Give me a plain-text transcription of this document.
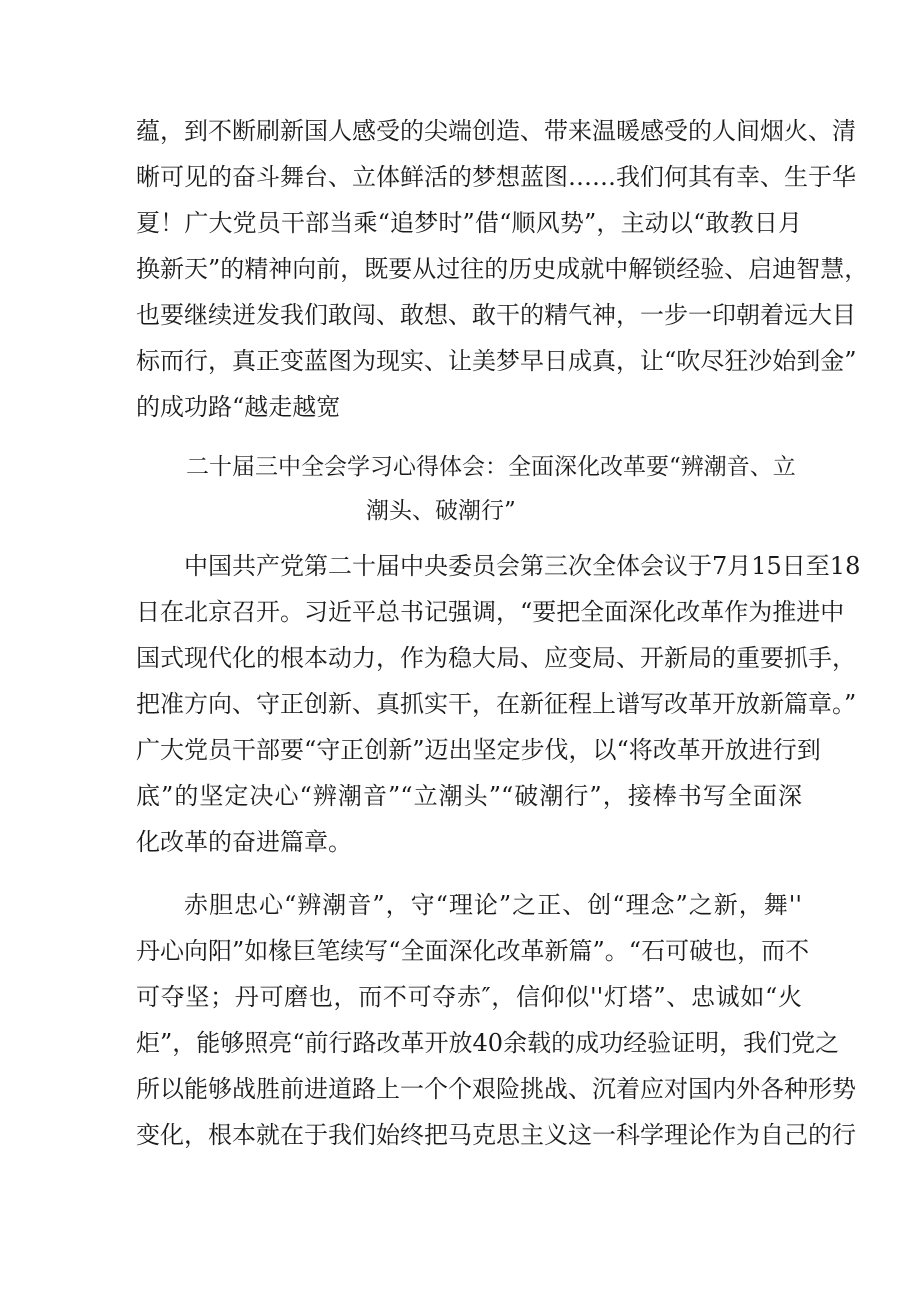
蕴，到不断刷新国人感受的尖端创造、带来温暖感受的人间烟火、清
晰可见的奋斗舞台、立体鲜活的梦想蓝图……我们何其有幸、生于华
夏！广大党员干部当乘“追梦时”借“顺风势”，主动以“敢教日月
换新天”的精神向前，既要从过往的历史成就中解锁经验、启迪智慧，
也要继续迸发我们敢闯、敢想、敢干的精气神，一步一印朝着远大目
标而行，真正变蓝图为现实、让美梦早日成真，让“吹尽狂沙始到金”
的成功路“越走越宽
二十届三中全会学习心得体会：全面深化改革要“辨潮音、立
潮头、破潮行”
中国共产党第二十届中央委员会第三次全体会议于7月15日至18
日在北京召开。习近平总书记强调，“要把全面深化改革作为推进中
国式现代化的根本动力，作为稳大局、应变局、开新局的重要抓手，
把准方向、守正创新、真抓实干，在新征程上谱写改革开放新篇章。”
广大党员干部要“守正创新”迈出坚定步伐，以“将改革开放进行到
底”的坚定决心“辨潮音”“立潮头”“破潮行”，接棒书写全面深
化改革的奋进篇章。
赤胆忠心“辨潮音”，守“理论”之正、创“理念”之新，舞''
丹心向阳”如椽巨笔续写“全面深化改革新篇”。“石可破也，而不
可夺坚；丹可磨也，而不可夺赤″，信仰似''灯塔”、忠诚如“火
炬”，能够照亮“前行路改革开放40余载的成功经验证明，我们党之
所以能够战胜前进道路上一个个艰险挑战、沉着应对国内外各种形势
变化，根本就在于我们始终把马克思主义这一科学理论作为自己的行
